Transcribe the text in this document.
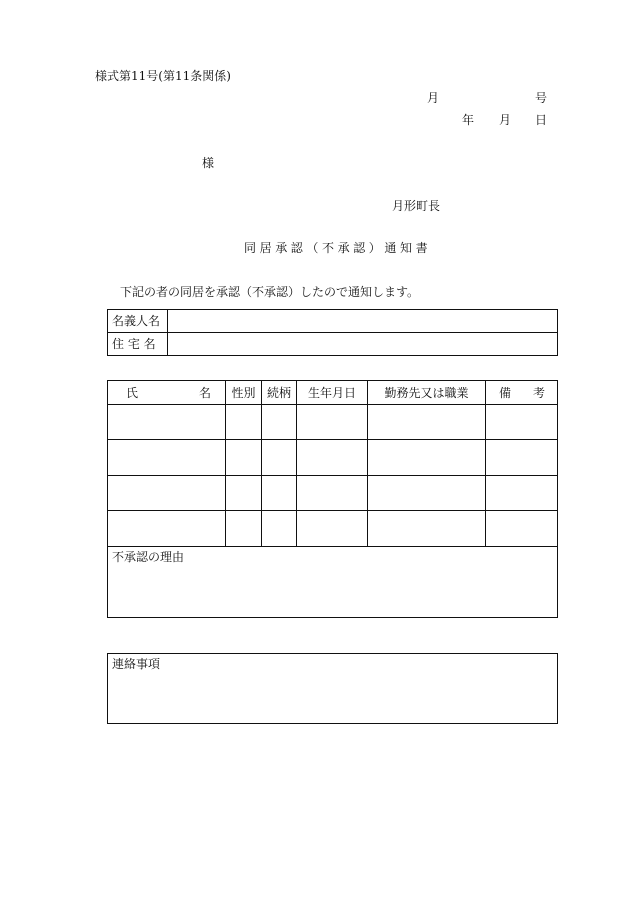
様式第11号(第11条関係)
月	号
年 月 日
様
月形町長
同居承認（不承認）通知書
下記の者の同居を承認（不承認）したので通知します。
名義人名	
住 宅 名	
氏 名	性別	続柄	生年月日	勤務先又は職業	備 考

不承認の理由					
連絡事項
